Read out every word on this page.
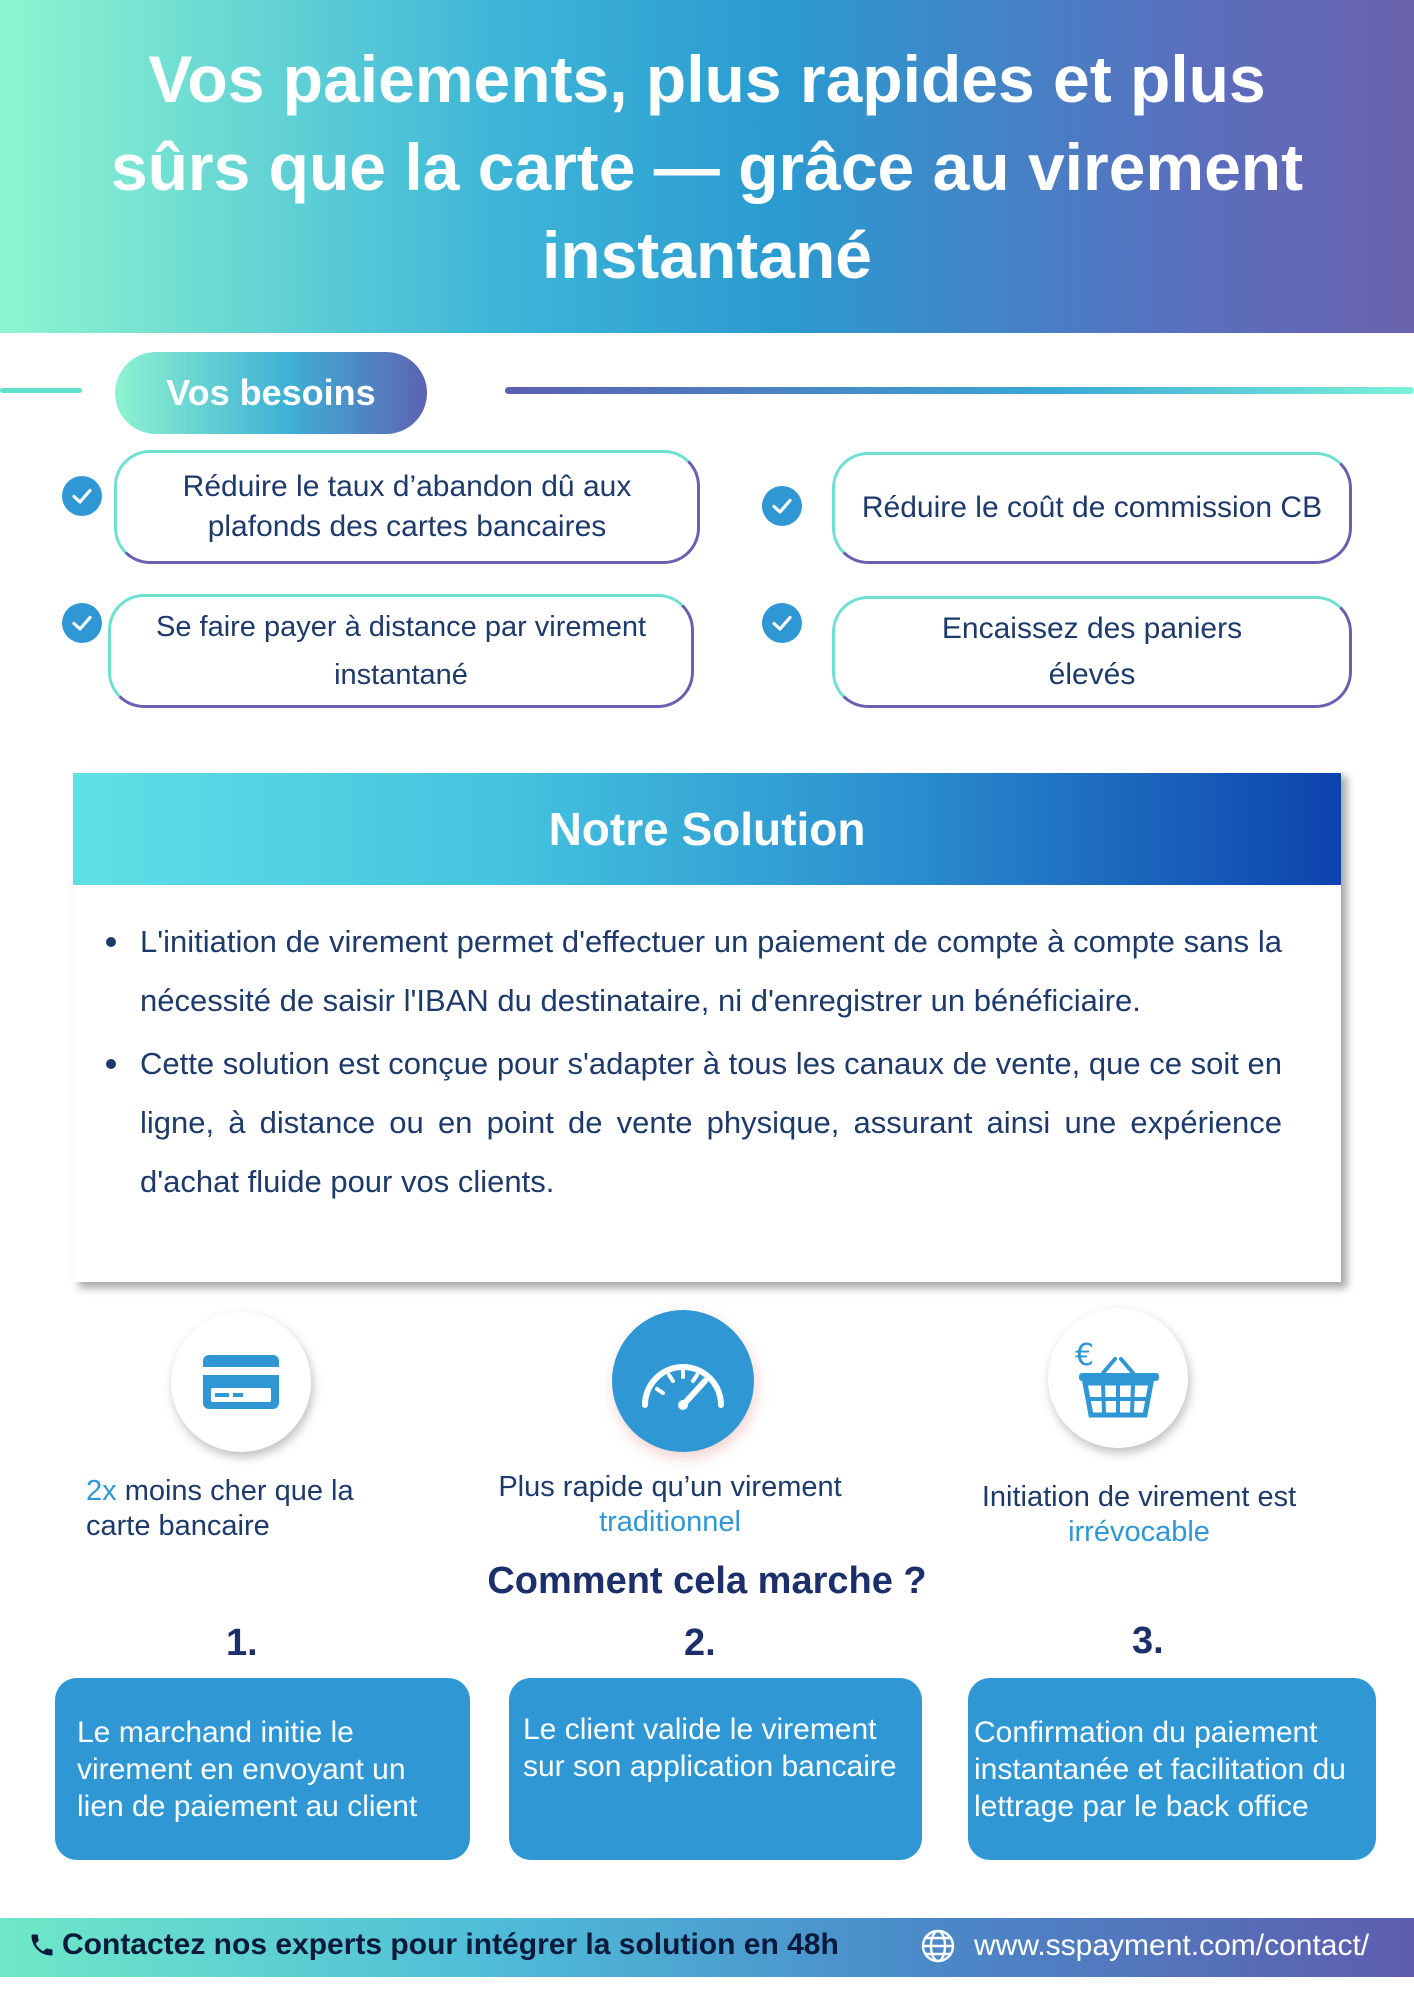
Vos paiements, plus rapides et plus sûrs que la carte — grâce au virement instantané
Vos besoins
Réduire le taux d’abandon dû aux plafonds des cartes bancaires
Réduire le coût de commission CB
Se faire payer à distance par virement instantané
Encaissez des paniers élevés
Notre Solution
L'initiation de virement permet d'effectuer un paiement de compte à compte sans la nécessité de saisir l'IBAN du destinataire, ni d'enregistrer un bénéficiaire.
Cette solution est conçue pour s'adapter à tous les canaux de vente, que ce soit en ligne, à distance ou en point de vente physique, assurant ainsi une expérience d'achat fluide pour vos clients.
€
2x moins cher que la carte bancaire
Plus rapide qu’un virement
traditionnel
Initiation de virement est
irrévocable
Comment cela marche ?
1.	2.	3.
Le marchand initie le virement en envoyant un lien de paiement au client
Le client valide le virement sur son application bancaire
Confirmation du paiement instantanée et facilitation du lettrage par le back office
Contactez nos experts pour intégrer la solution en 48h	www.sspayment.com/contact/
